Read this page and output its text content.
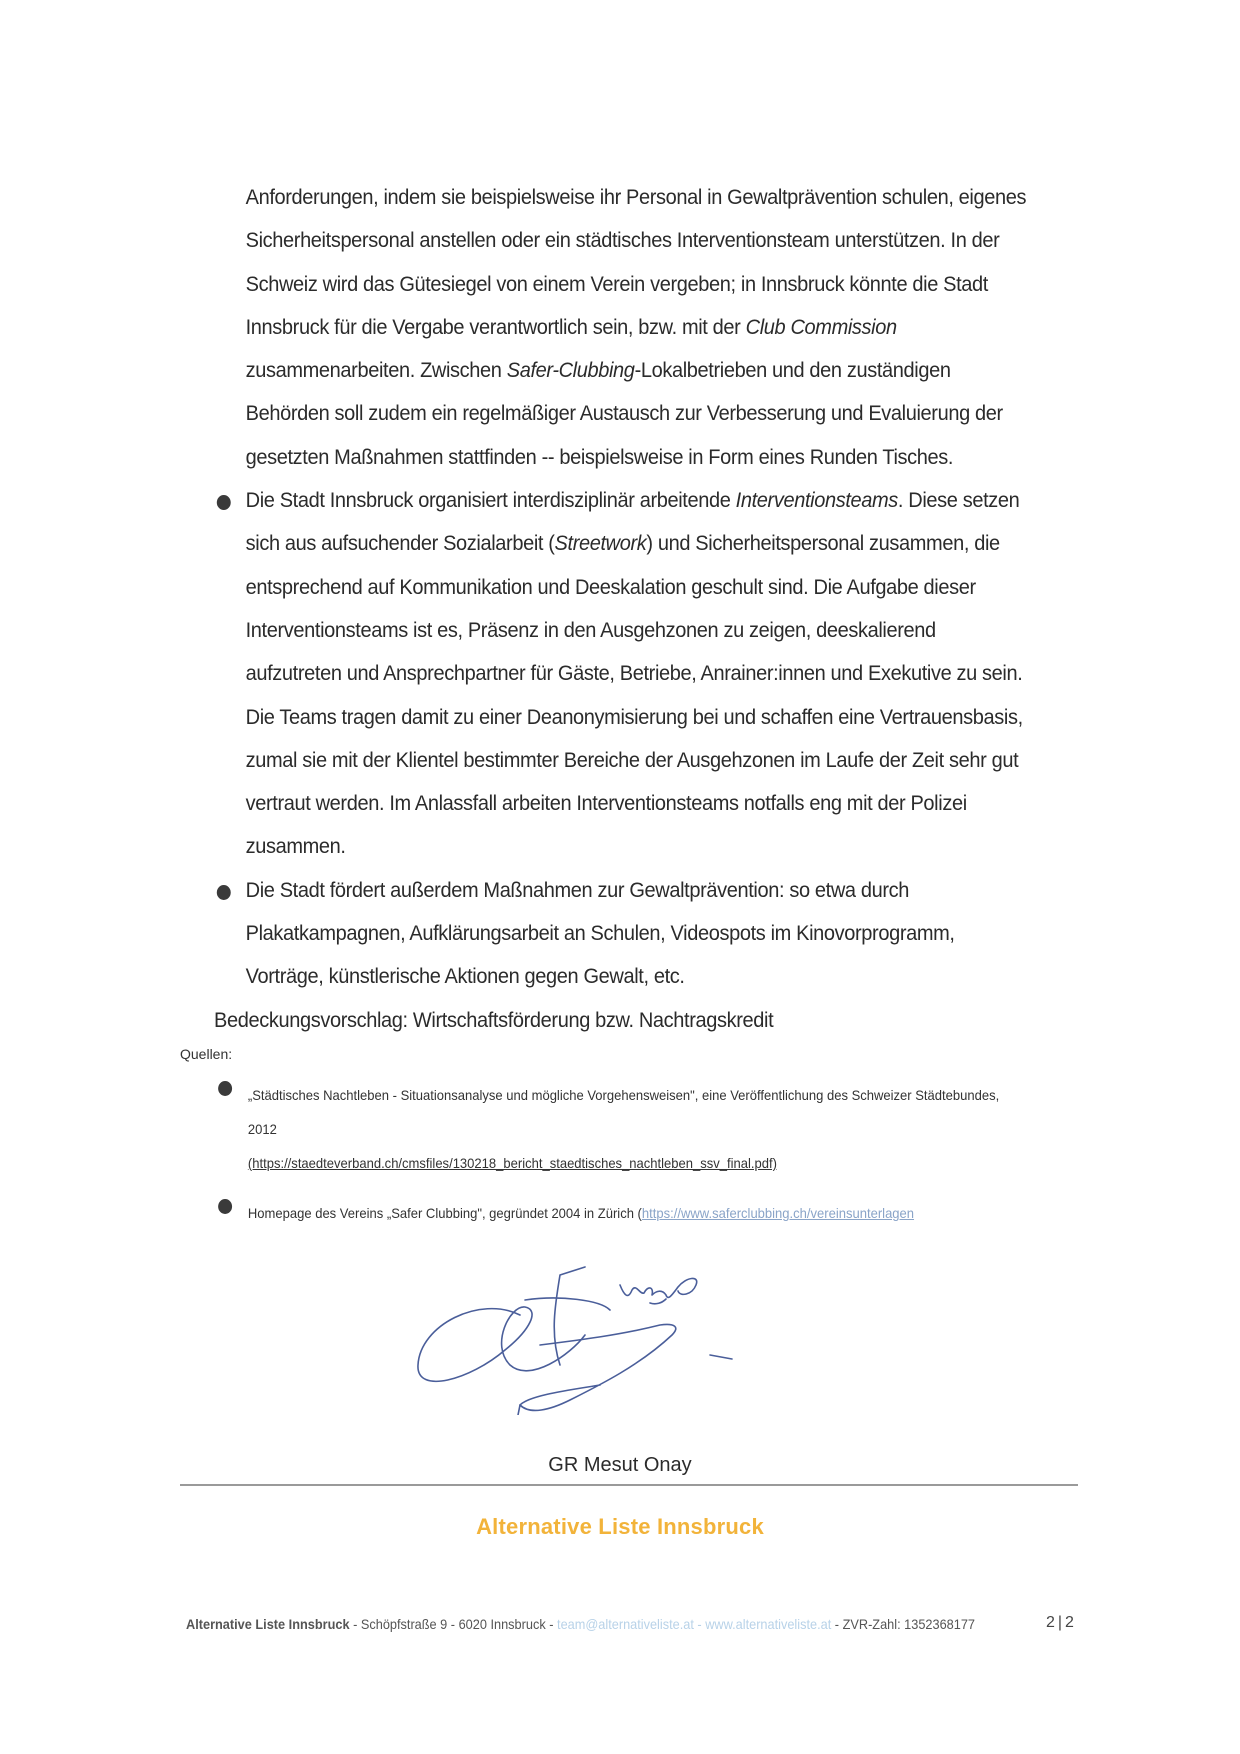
Anforderungen, indem sie beispielsweise ihr Personal in Gewaltprävention schulen, eigenes
Sicherheitspersonal anstellen oder ein städtisches Interventionsteam unterstützen. In der
Schweiz wird das Gütesiegel von einem Verein vergeben; in Innsbruck könnte die Stadt
Innsbruck für die Vergabe verantwortlich sein, bzw. mit der Club Commission
zusammenarbeiten. Zwischen Safer-Clubbing-Lokalbetrieben und den zuständigen Behörden soll zudem ein regelmäßiger Austausch zur Verbesserung und Evaluierung der gesetzten Maßnahmen stattfinden -- beispielsweise in Form eines Runden Tisches.

Die Stadt Innsbruck organisiert interdisziplinär arbeitende Interventionsteams. Diese setzen sich aus aufsuchender Sozialarbeit (Streetwork) und Sicherheitspersonal zusammen, die entsprechend auf Kommunikation und Deeskalation geschult sind. Die Aufgabe dieser Interventionsteams ist es, Präsenz in den Ausgehzonen zu zeigen, deeskalierend aufzutreten und Ansprechpartner für Gäste, Betriebe, Anrainer:innen und Exekutive zu sein. Die Teams tragen damit zu einer Deanonymisierung bei und schaffen eine Vertrauensbasis, zumal sie mit der Klientel bestimmter Bereiche der Ausgehzonen im Laufe der Zeit sehr gut vertraut werden. Im Anlassfall arbeiten Interventionsteams notfalls eng mit der Polizei zusammen.

Die Stadt fördert außerdem Maßnahmen zur Gewaltprävention: so etwa durch Plakatkampagnen, Aufklärungsarbeit an Schulen, Videospots im Kinovorprogramm, Vorträge, künstlerische Aktionen gegen Gewalt, etc.

Bedeckungsvorschlag: Wirtschaftsförderung bzw. Nachtragskredit

Quellen:

„Städtisches Nachtleben - Situationsanalyse und mögliche Vorgehensweisen", eine Veröffentlichung des Schweizer Städtebundes, 2012
(https://staedteverband.ch/cmsfiles/130218_bericht_staedtisches_nachtleben_ssv_final.pdf)
Homepage des Vereins „Safer Clubbing", gegründet 2004 in Zürich (https://www.saferclubbing.ch/vereinsunterlagen
GR Mesut Onay
Alternative Liste Innsbruck
Alternative Liste Innsbruck - Schöpfstraße 9 - 6020 Innsbruck - team@alternativeliste.at - www.alternativeliste.at - ZVR-Zahl: 1352368177	2|2
